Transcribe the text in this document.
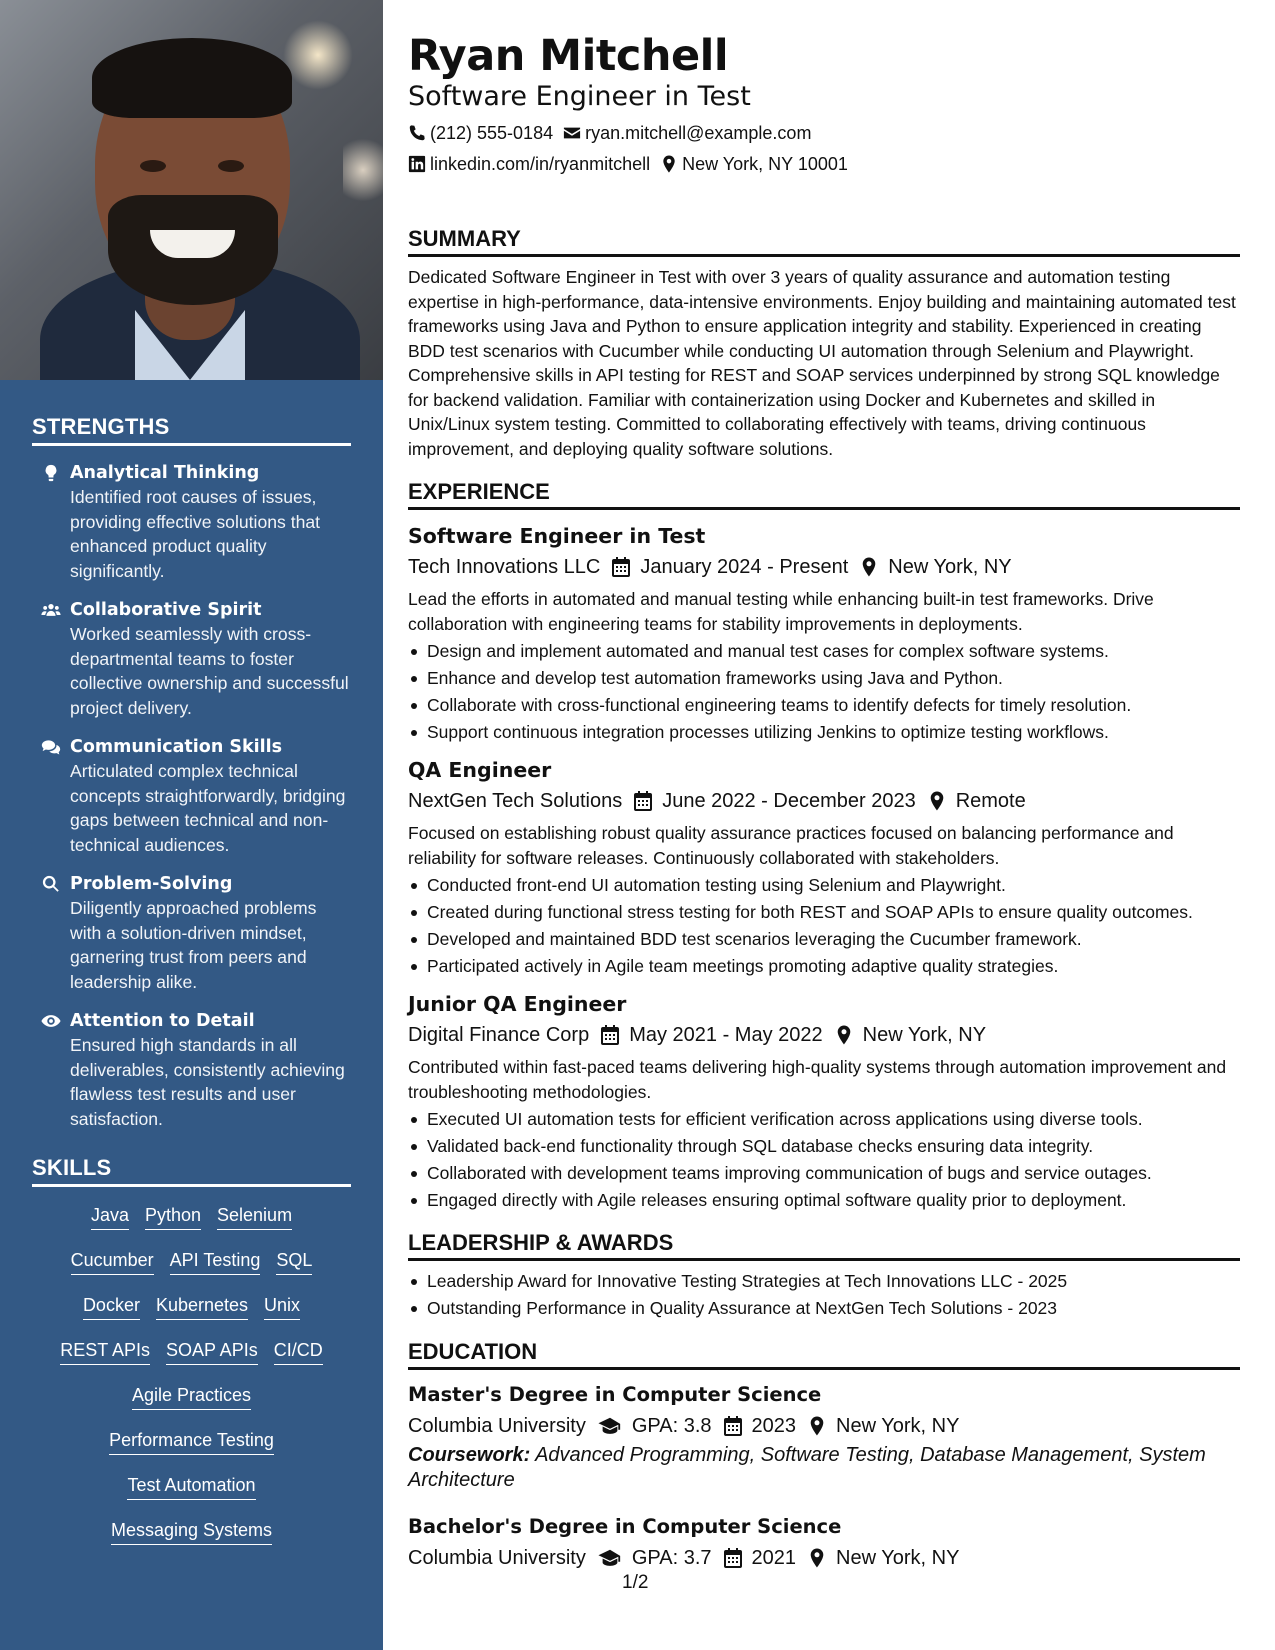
STRENGTHS
Analytical Thinking
Identified root causes of issues, providing effective solutions that enhanced product quality significantly.
Collaborative Spirit
Worked seamlessly with cross-departmental teams to foster collective ownership and successful project delivery.
Communication Skills
Articulated complex technical concepts straightforwardly, bridging gaps between technical and non-technical audiences.
Problem-Solving
Diligently approached problems with a solution-driven mindset, garnering trust from peers and leadership alike.
Attention to Detail
Ensured high standards in all deliverables, consistently achieving flawless test results and user satisfaction.
SKILLS
Java Python Selenium
Cucumber API Testing SQL
Docker Kubernetes Unix
REST APIs SOAP APIs CI/CD
Agile Practices
Performance Testing
Test Automation
Messaging Systems
Ryan Mitchell
Software Engineer in Test
(212) 555-0184 ryan.mitchell@example.com
linkedin.com/in/ryanmitchell New York, NY 10001
SUMMARY
Dedicated Software Engineer in Test with over 3 years of quality assurance and automation testing expertise in high-performance, data-intensive environments. Enjoy building and maintaining automated test frameworks using Java and Python to ensure application integrity and stability. Experienced in creating BDD test scenarios with Cucumber while conducting UI automation through Selenium and Playwright. Comprehensive skills in API testing for REST and SOAP services underpinned by strong SQL knowledge for backend validation. Familiar with containerization using Docker and Kubernetes and skilled in Unix/Linux system testing. Committed to collaborating effectively with teams, driving continuous improvement, and deploying quality software solutions.
EXPERIENCE
Software Engineer in Test
Tech Innovations LLC January 2024 - Present New York, NY
Lead the efforts in automated and manual testing while enhancing built-in test frameworks. Drive collaboration with engineering teams for stability improvements in deployments.
Design and implement automated and manual test cases for complex software systems.
Enhance and develop test automation frameworks using Java and Python.
Collaborate with cross-functional engineering teams to identify defects for timely resolution.
Support continuous integration processes utilizing Jenkins to optimize testing workflows.
QA Engineer
NextGen Tech Solutions June 2022 - December 2023 Remote
Focused on establishing robust quality assurance practices focused on balancing performance and reliability for software releases. Continuously collaborated with stakeholders.
Conducted front-end UI automation testing using Selenium and Playwright.
Created during functional stress testing for both REST and SOAP APIs to ensure quality outcomes.
Developed and maintained BDD test scenarios leveraging the Cucumber framework.
Participated actively in Agile team meetings promoting adaptive quality strategies.
Junior QA Engineer
Digital Finance Corp May 2021 - May 2022 New York, NY
Contributed within fast-paced teams delivering high-quality systems through automation improvement and troubleshooting methodologies.
Executed UI automation tests for efficient verification across applications using diverse tools.
Validated back-end functionality through SQL database checks ensuring data integrity.
Collaborated with development teams improving communication of bugs and service outages.
Engaged directly with Agile releases ensuring optimal software quality prior to deployment.
LEADERSHIP & AWARDS
Leadership Award for Innovative Testing Strategies at Tech Innovations LLC - 2025
Outstanding Performance in Quality Assurance at NextGen Tech Solutions - 2023
EDUCATION
Master's Degree in Computer Science
Columbia University GPA: 3.8 2023 New York, NY
Coursework: Advanced Programming, Software Testing, Database Management, System Architecture
Bachelor's Degree in Computer Science
Columbia University GPA: 3.7 2021 New York, NY
1/2
